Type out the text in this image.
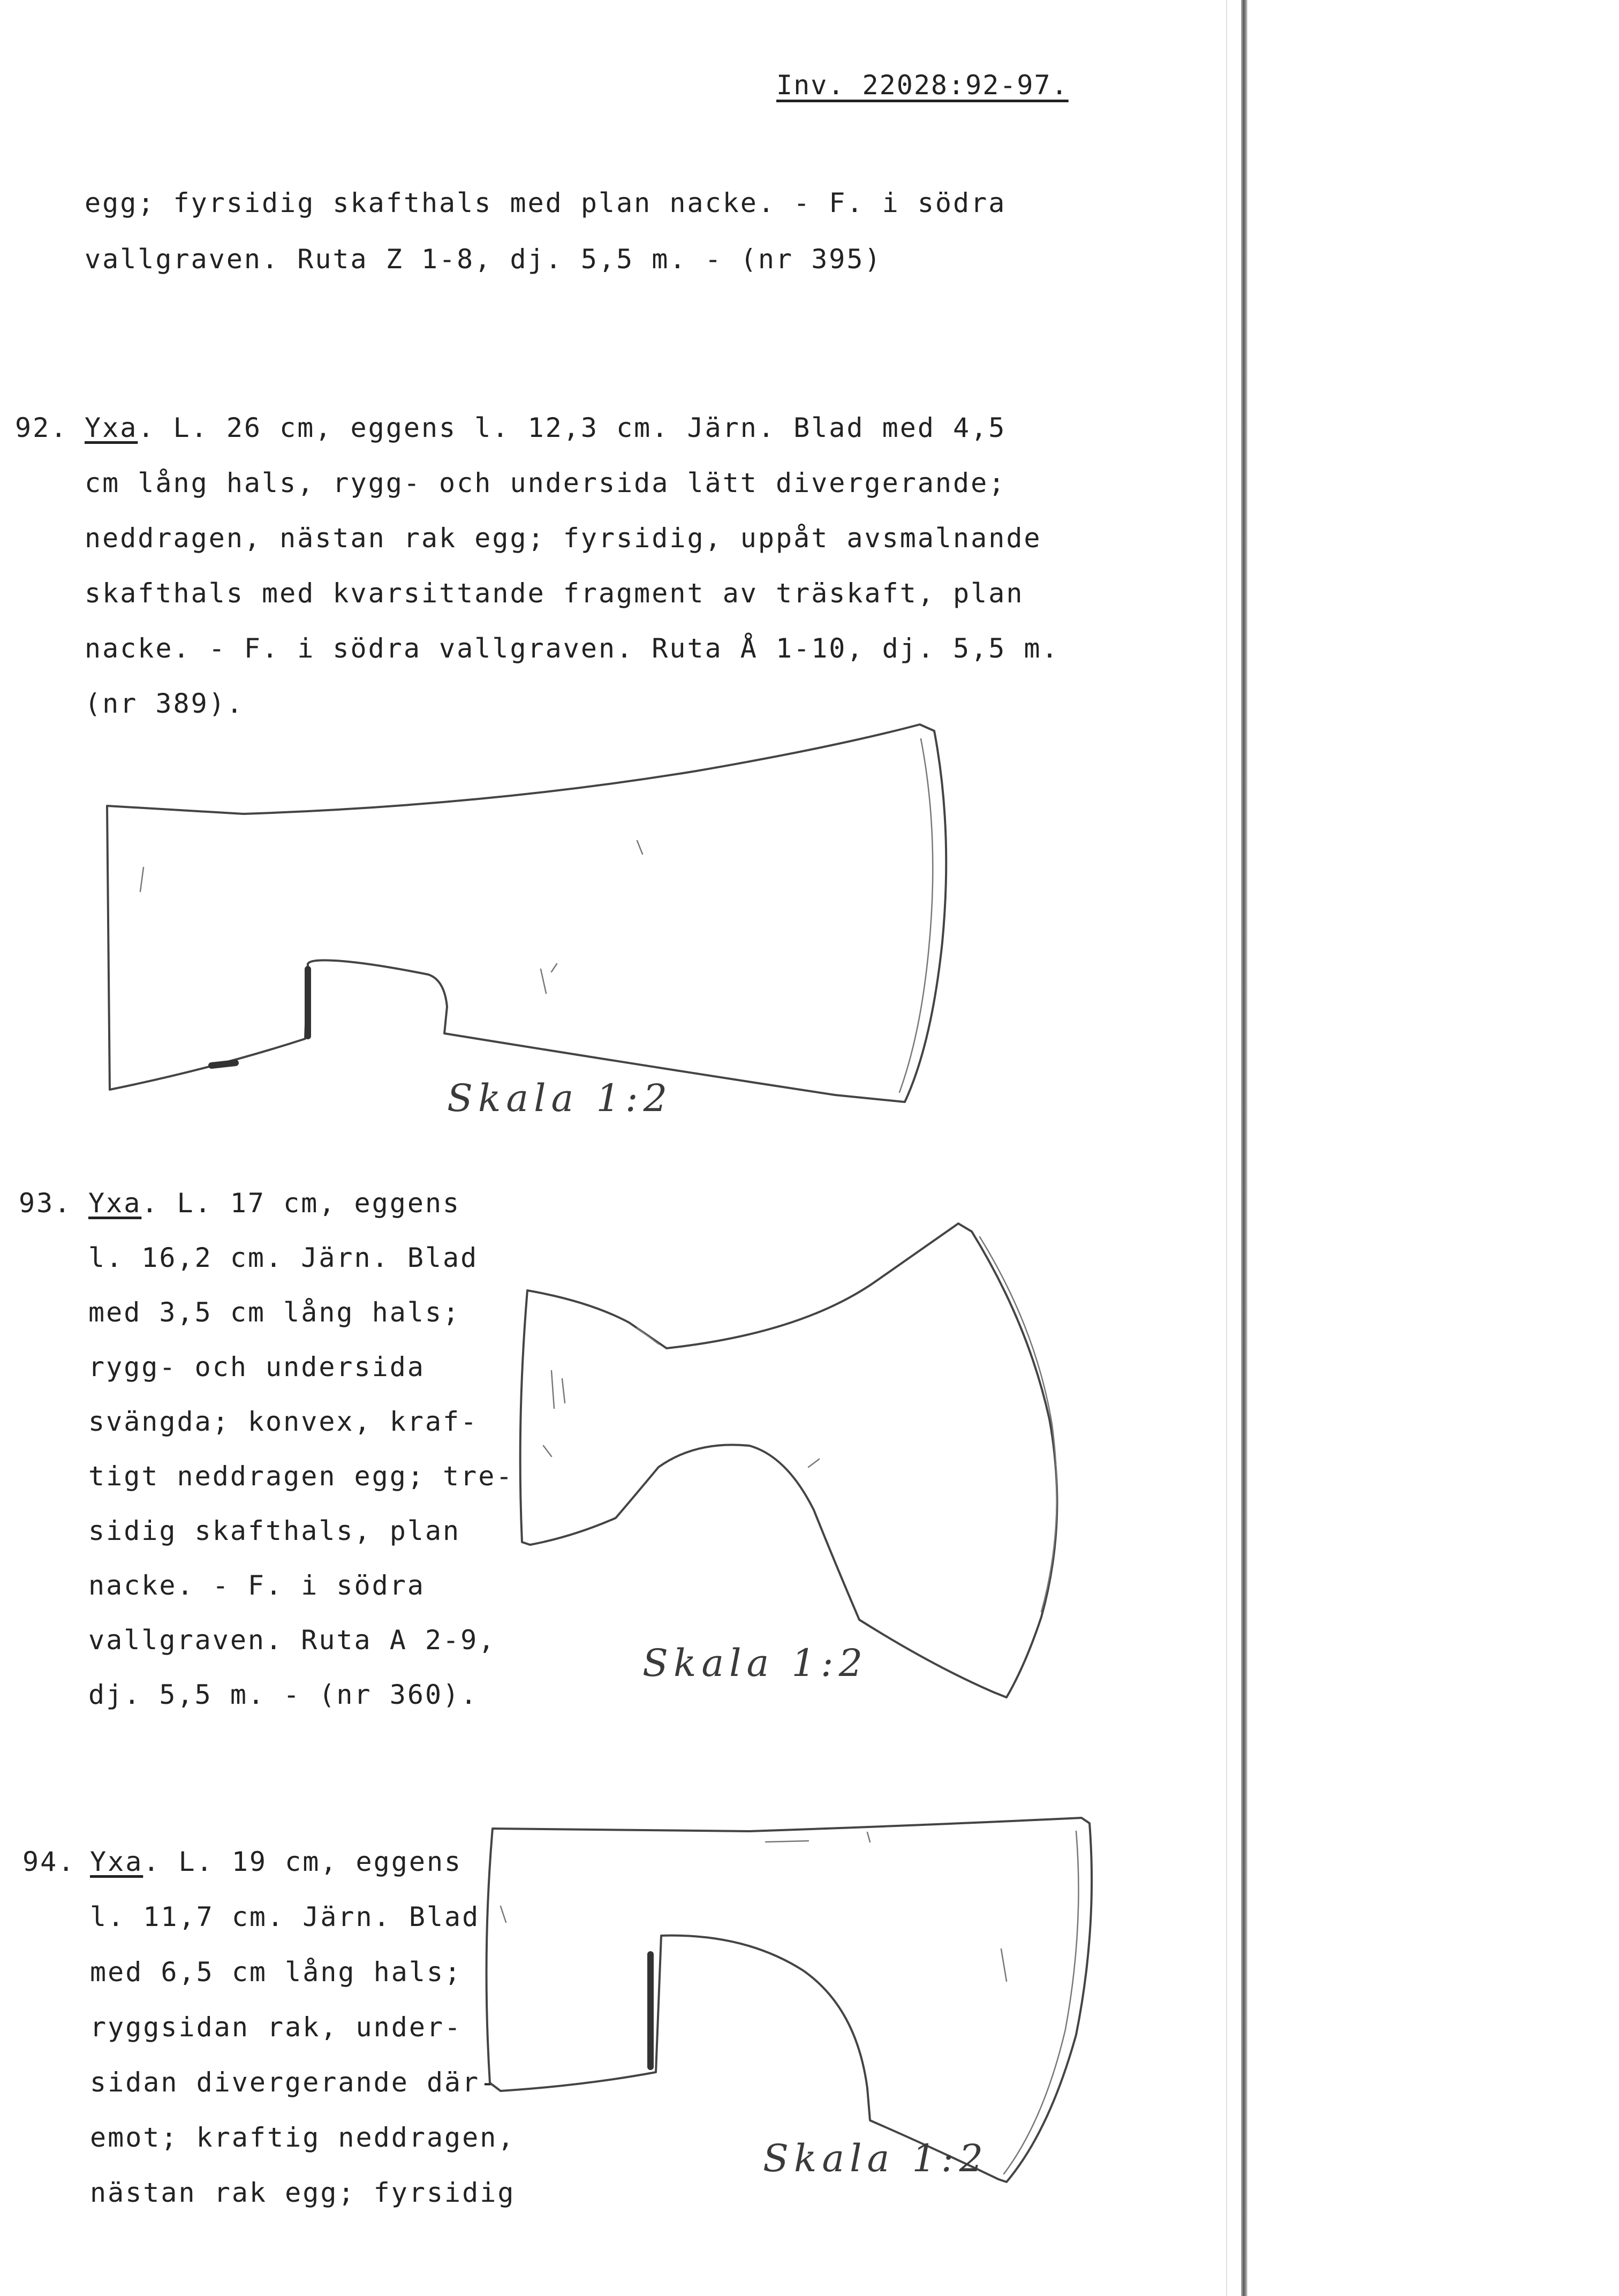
Inv. 22028:92-97.
egg; fyrsidig skafthals med plan nacke. - F. i södra
vallgraven. Ruta Z 1-8, dj. 5,5 m. - (nr 395)
92. Yxa. L. 26 cm, eggens l. 12,3 cm. Järn. Blad med 4,5
cm lång hals, rygg- och undersida lätt divergerande;
neddragen, nästan rak egg; fyrsidig, uppåt avsmalnande
skafthals med kvarsittande fragment av träskaft, plan
nacke. - F. i södra vallgraven. Ruta Å 1-10, dj. 5,5 m.
(nr 389).
Skala 1:2
93. Yxa. L. 17 cm, eggens
l. 16,2 cm. Järn. Blad
med 3,5 cm lång hals;
rygg- och undersida
svängda; konvex, kraf-
tigt neddragen egg; tre-
sidig skafthals, plan
nacke. - F. i södra
vallgraven. Ruta A 2-9,
dj. 5,5 m. - (nr 360).
Skala 1:2
94. Yxa. L. 19 cm, eggens
l. 11,7 cm. Järn. Blad
med 6,5 cm lång hals;
ryggsidan rak, under-
sidan divergerande där-
emot; kraftig neddragen,
nästan rak egg; fyrsidig
Skala 1:2
